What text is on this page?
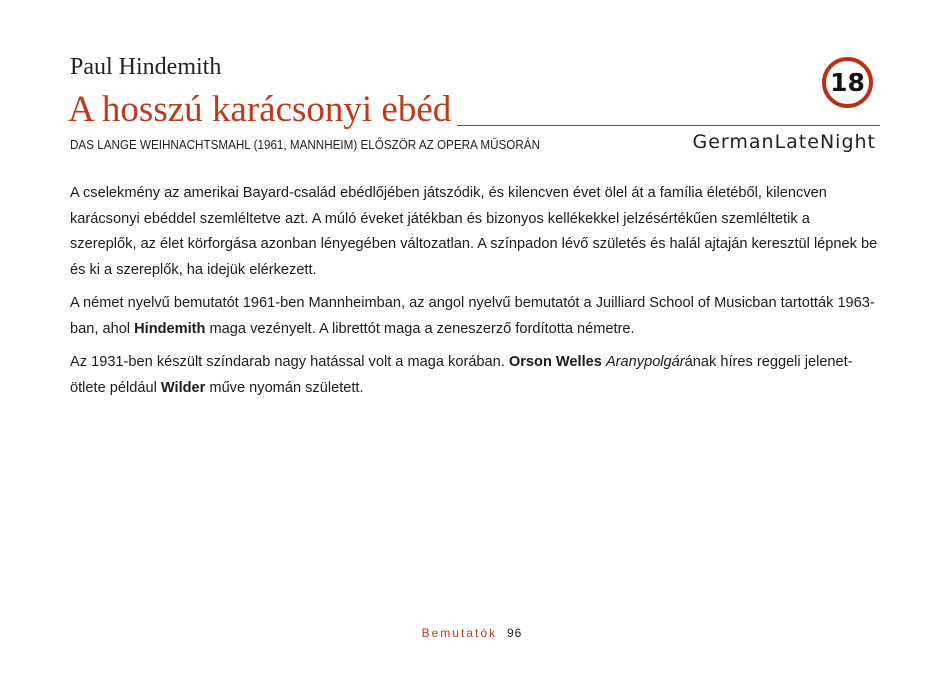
Paul Hindemith
18
A hosszú karácsonyi ebéd
DAS LANGE WEIHNACHTSMAHL (1961, MANNHEIM) ELŐSZÖR AZ OPERA MŰSORÁN	GermanLateNight

A cselekmény az amerikai Bayard-család ebédlőjében játszódik, és kilencven évet ölel át a família életéből, kilencven karácsonyi ebéddel szemléltetve azt. A múló éveket játékban és bizonyos kellékekkel jelzésértékűen szemléltetik a szereplők, az élet körforgása azonban lényegében változatlan. A színpadon lévő születés és halál ajtaján keresztül lépnek be és ki a szereplők, ha idejük elérkezett.

A német nyelvű bemutatót 1961-ben Mannheimban, az angol nyelvű bemutatót a Juilliard School of Musicban tartották 1963-ban, ahol Hindemith maga vezényelt. A librettót maga a zeneszerző fordította németre.

Az 1931-ben készült színdarab nagy hatással volt a maga korában. Orson Welles Aranypolgárának híres reggeli jelenet-ötlete például Wilder műve nyomán született.

Bemutatók 96
